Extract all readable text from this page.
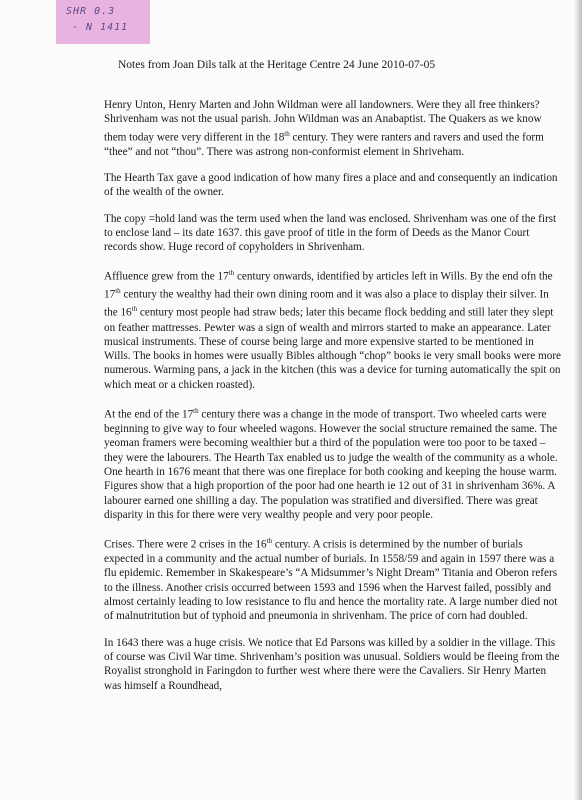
SHR 0.3
- N 1411
Notes from Joan Dils talk at the Heritage Centre 24 June 2010-07-05

Henry Unton, Henry Marten and John Wildman were all landowners. Were they all free thinkers? Shrivenham was not the usual parish. John Wildman was an Anabaptist. The Quakers as we know them today were very different in the 18th century. They were ranters and ravers and used the form “thee” and not “thou”. There was astrong non-conformist element in Shriveham.

The Hearth Tax gave a good indication of how many fires a place and and consequently an indication of the wealth of the owner.

The copy =hold land was the term used when the land was enclosed. Shrivenham was one of the first to enclose land – its date 1637. this gave proof of title in the form of Deeds as the Manor Court records show. Huge record of copyholders in Shrivenham.

Affluence grew from the 17th century onwards, identified by articles left in Wills. By the end ofn the 17th century the wealthy had their own dining room and it was also a place to display their silver. In the 16th century most people had straw beds; later this became flock bedding and still later they slept on feather mattresses. Pewter was a sign of wealth and mirrors started to make an appearance. Later musical instruments. These of course being large and more expensive started to be mentioned in Wills. The books in homes were usually Bibles although “chop” books ie very small books were more numerous. Warming pans, a jack in the kitchen (this was a device for turning automatically the spit on which meat or a chicken roasted).

At the end of the 17th century there was a change in the mode of transport. Two wheeled carts were beginning to give way to four wheeled wagons. However the social structure remained the same. The yeoman framers were becoming wealthier but a third of the population were too poor to be taxed – they were the labourers. The Hearth Tax enabled us to judge the wealth of the community as a whole. One hearth in 1676 meant that there was one fireplace for both cooking and keeping the house warm. Figures show that a high proportion of the poor had one hearth ie 12 out of 31 in shrivenham 36%. A labourer earned one shilling a day. The population was stratified and diversified. There was great disparity in this for there were very wealthy people and very poor people.

Crises. There were 2 crises in the 16th century. A crisis is determined by the number of burials expected in a community and the actual number of burials. In 1558/59 and again in 1597 there was a flu epidemic. Remember in Skakespeare’s “A Midsummer’s Night Dream” Titania and Oberon refers to the illness. Another crisis occurred between 1593 and 1596 when the Harvest failed, possibly and almost certainly leading to low resistance to flu and hence the mortality rate. A large number died not of malnutritution but of typhoid and pneumonia in shrivenham. The price of corn had doubled.

In 1643 there was a huge crisis. We notice that Ed Parsons was killed by a soldier in the village. This of course was Civil War time. Shrivenham’s position was unusual. Soldiers would be fleeing from the Royalist stronghold in Faringdon to further west where there were the Cavaliers. Sir Henry Marten was himself a Roundhead,
